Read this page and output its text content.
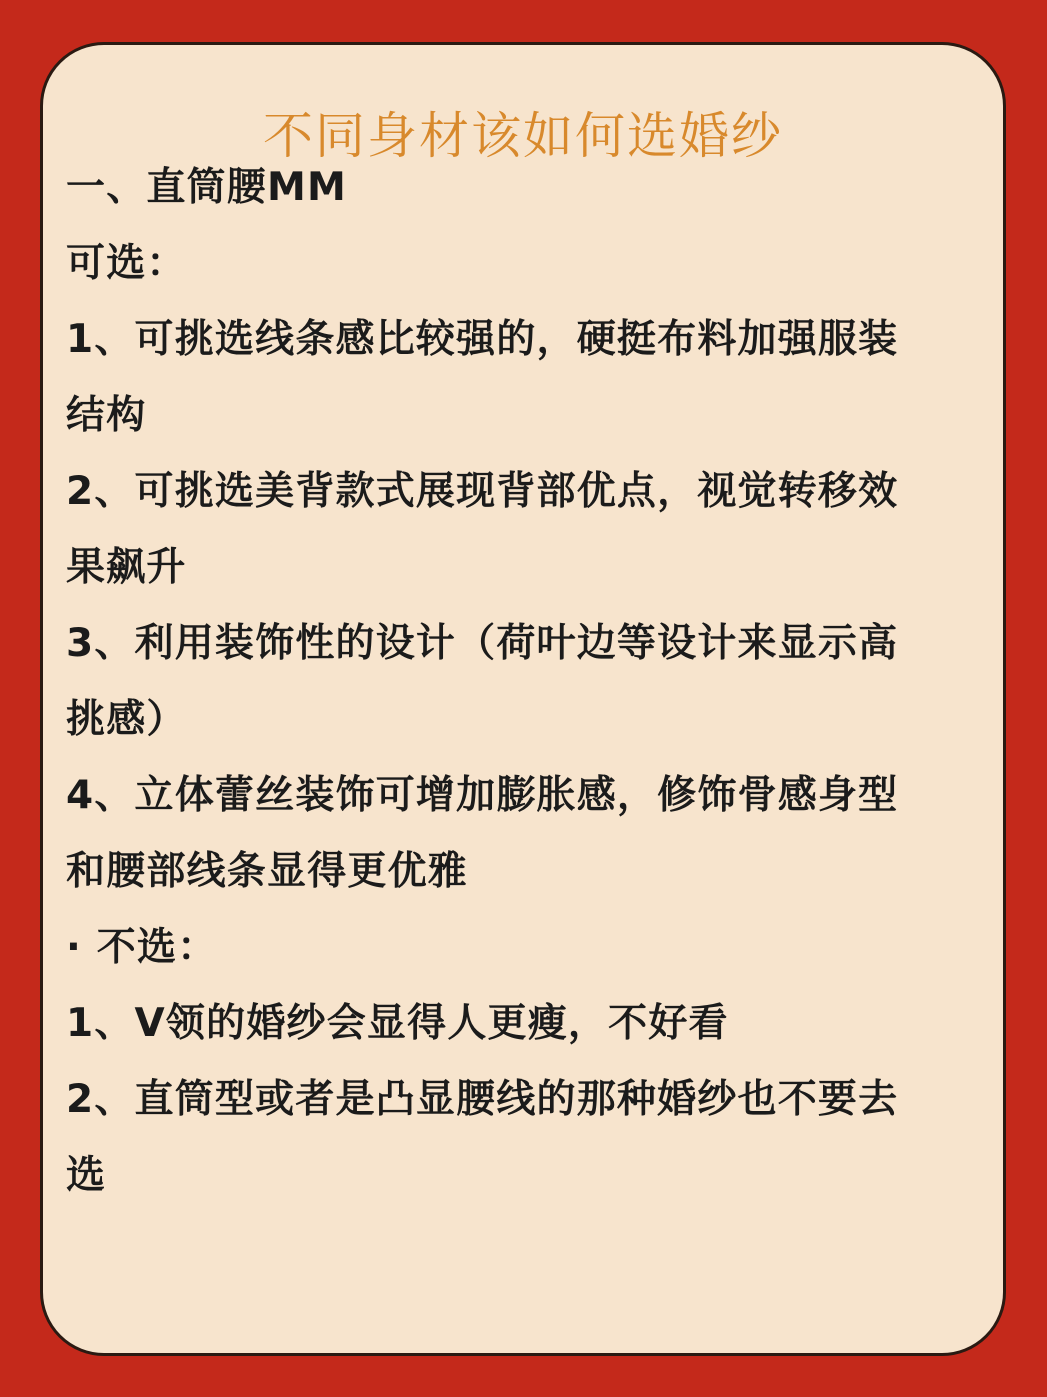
不同身材该如何选婚纱
一、直筒腰MM
可选：
1、可挑选线条感比较强的，硬挺布料加强服装
结构
2、可挑选美背款式展现背部优点，视觉转移效
果飙升
3、利用装饰性的设计（荷叶边等设计来显示高
挑感）
4、立体蕾丝装饰可增加膨胀感，修饰骨感身型
和腰部线条显得更优雅
· 不选：
1、V领的婚纱会显得人更瘦，不好看
2、直筒型或者是凸显腰线的那种婚纱也不要去
选
